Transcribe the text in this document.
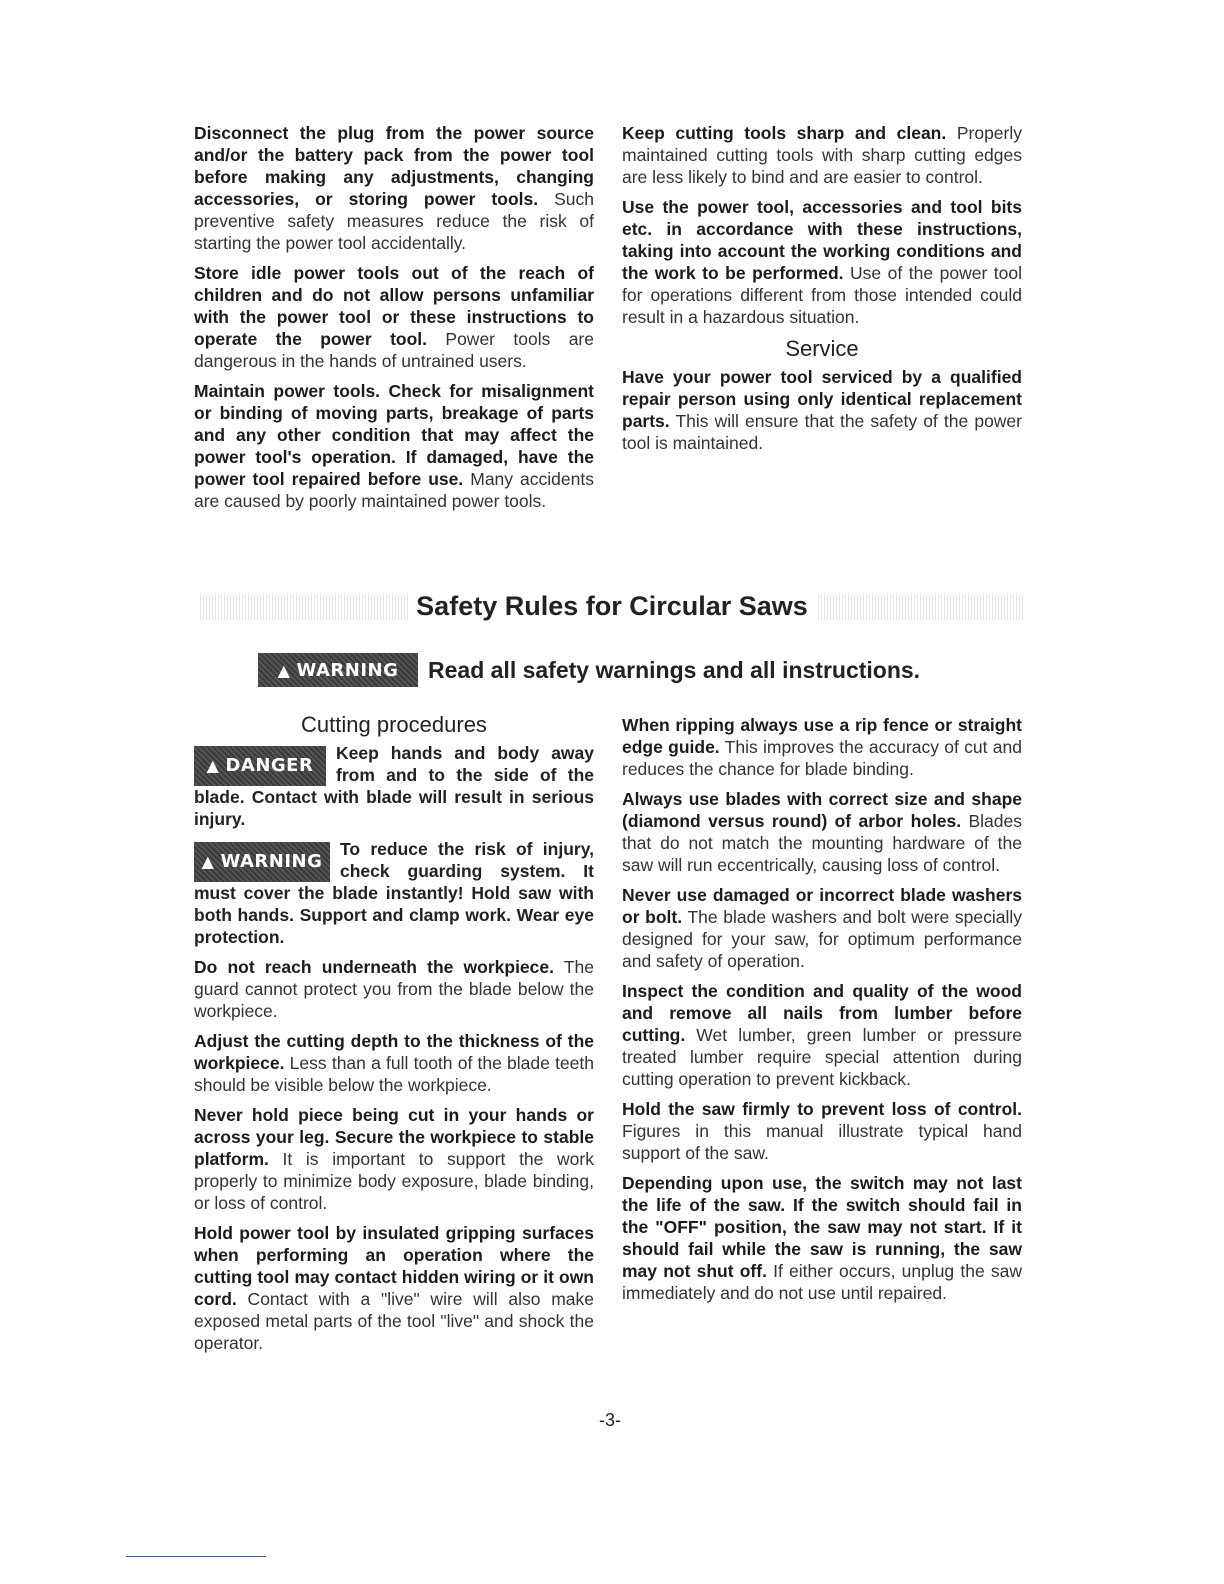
Disconnect the plug from the power source and/or the battery pack from the power tool before making any adjustments, changing accessories, or storing power tools. Such preventive safety measures reduce the risk of starting the power tool accidentally.

Store idle power tools out of the reach of children and do not allow persons unfamiliar with the power tool or these instructions to operate the power tool. Power tools are dangerous in the hands of untrained users.

Maintain power tools. Check for misalignment or binding of moving parts, breakage of parts and any other condition that may affect the power tool's operation. If damaged, have the power tool repaired before use. Many accidents are caused by poorly maintained power tools.

Keep cutting tools sharp and clean. Properly maintained cutting tools with sharp cutting edges are less likely to bind and are easier to control.

Use the power tool, accessories and tool bits etc. in accordance with these instructions, taking into account the working conditions and the work to be performed. Use of the power tool for operations different from those intended could result in a hazardous situation.

Service

Have your power tool serviced by a qualified repair person using only identical replacement parts. This will ensure that the safety of the power tool is maintained.

Safety Rules for Circular Saws
▲ WARNING Read all safety warnings and all instructions.
Cutting procedures

▲ DANGER
Keep hands and body away from and to the side of the blade. Contact with blade will result in serious injury.

▲ WARNING
To reduce the risk of injury, check guarding system. It must cover the blade instantly! Hold saw with both hands. Support and clamp work. Wear eye protection.

Do not reach underneath the workpiece. The guard cannot protect you from the blade below the workpiece.

Adjust the cutting depth to the thickness of the workpiece. Less than a full tooth of the blade teeth should be visible below the workpiece.

Never hold piece being cut in your hands or across your leg. Secure the workpiece to stable platform. It is important to support the work properly to minimize body exposure, blade binding, or loss of control.

Hold power tool by insulated gripping surfaces when performing an operation where the cutting tool may contact hidden wiring or it own cord. Contact with a "live" wire will also make exposed metal parts of the tool "live" and shock the operator.

When ripping always use a rip fence or straight edge guide. This improves the accuracy of cut and reduces the chance for blade binding.

Always use blades with correct size and shape (diamond versus round) of arbor holes. Blades that do not match the mounting hardware of the saw will run eccentrically, causing loss of control.

Never use damaged or incorrect blade washers or bolt. The blade washers and bolt were specially designed for your saw, for optimum performance and safety of operation.

Inspect the condition and quality of the wood and remove all nails from lumber before cutting. Wet lumber, green lumber or pressure treated lumber require special attention during cutting operation to prevent kickback.

Hold the saw firmly to prevent loss of control. Figures in this manual illustrate typical hand support of the saw.

Depending upon use, the switch may not last the life of the saw. If the switch should fail in the "OFF" position, the saw may not start. If it should fail while the saw is running, the saw may not shut off. If either occurs, unplug the saw immediately and do not use until repaired.

-3-
